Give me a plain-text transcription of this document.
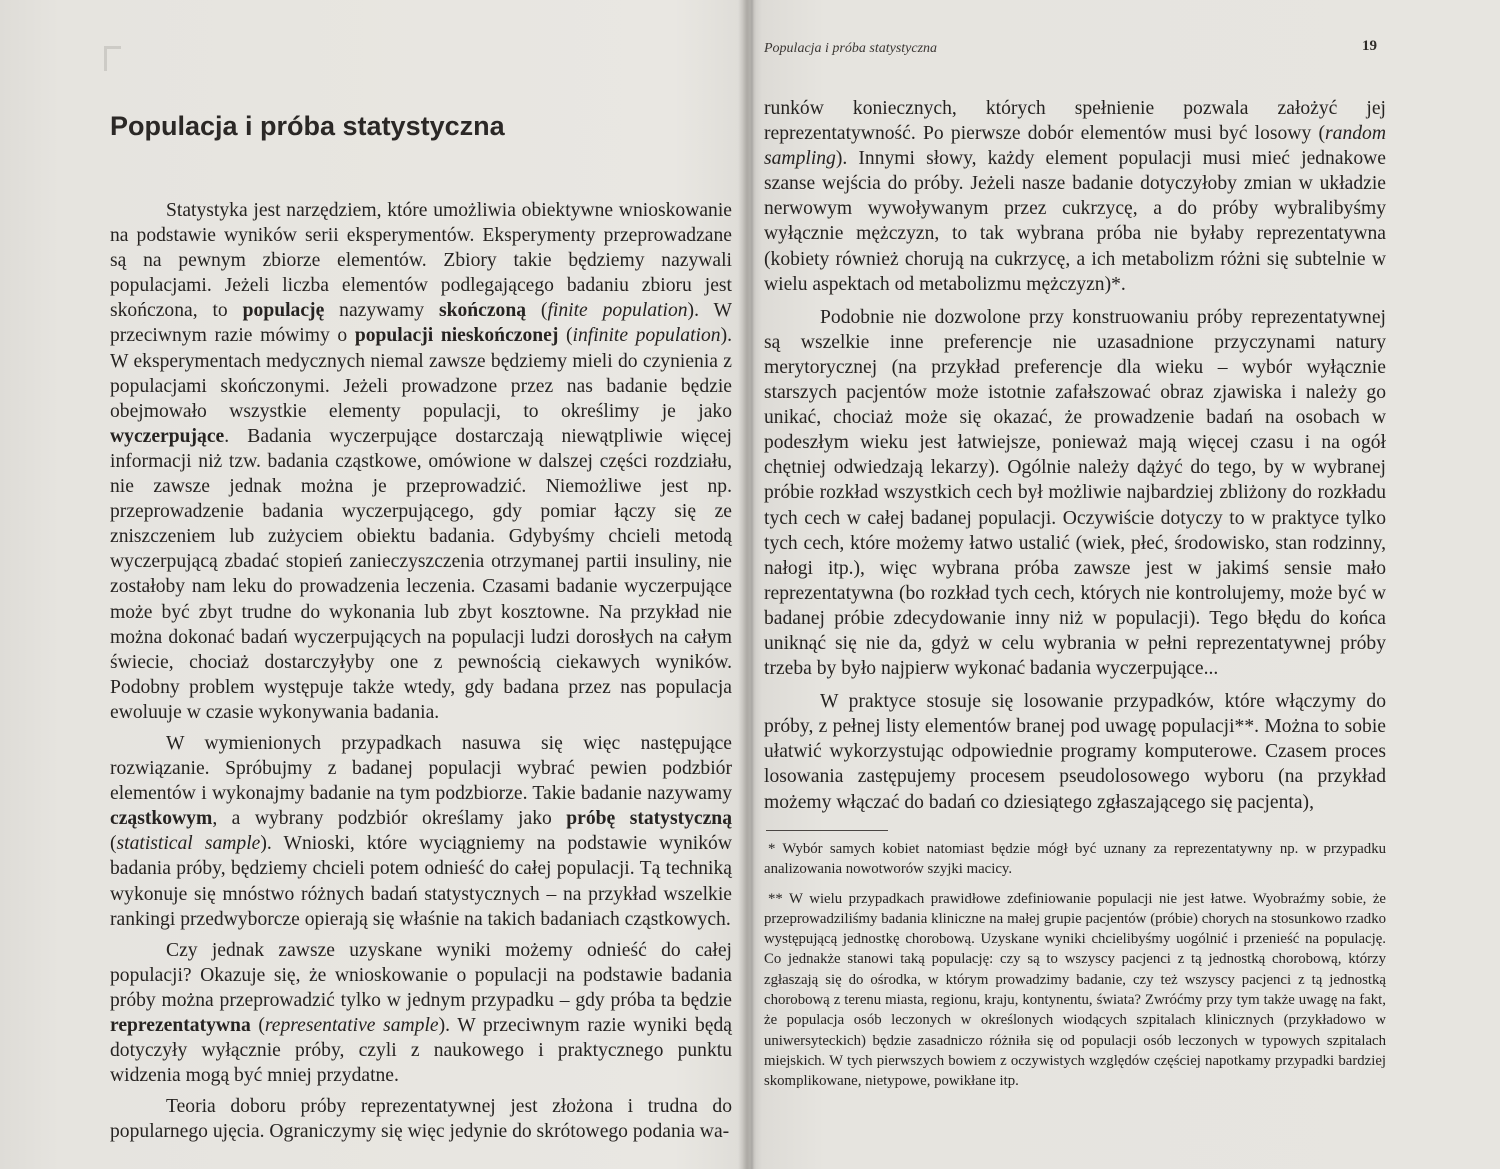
Populacja i próba statystyczna

Statystyka jest narzędziem, które umożliwia obiektywne wnioskowanie na podstawie wyników serii eksperymentów. Eksperymenty przeprowadzane są na pewnym zbiorze elementów. Zbiory takie będziemy nazywali populacjami. Jeżeli liczba elementów podlegającego badaniu zbioru jest skończona, to populację nazywamy skończoną (finite population). W przeciwnym razie mówimy o populacji nieskończonej (infinite population). W eksperymentach medycznych niemal zawsze będziemy mieli do czynienia z populacjami skończonymi. Jeżeli prowadzone przez nas badanie będzie obejmowało wszystkie elementy populacji, to określimy je jako wyczerpujące. Badania wyczerpujące dostarczają niewątpliwie więcej informacji niż tzw. badania cząstkowe, omówione w dalszej części rozdziału, nie zawsze jednak można je przeprowadzić. Niemożliwe jest np. przeprowadzenie badania wyczerpującego, gdy pomiar łączy się ze zniszczeniem lub zużyciem obiektu badania. Gdybyśmy chcieli metodą wyczerpującą zbadać stopień zanieczyszczenia otrzymanej partii insuliny, nie zostałoby nam leku do prowadzenia leczenia. Czasami badanie wyczerpujące może być zbyt trudne do wykonania lub zbyt kosztowne. Na przykład nie można dokonać badań wyczerpujących na populacji ludzi dorosłych na całym świecie, chociaż dostarczyłyby one z pewnością ciekawych wyników. Podobny problem występuje także wtedy, gdy badana przez nas populacja ewoluuje w czasie wykonywania badania.

W wymienionych przypadkach nasuwa się więc następujące rozwiązanie. Spróbujmy z badanej populacji wybrać pewien podzbiór elementów i wykonajmy badanie na tym podzbiorze. Takie badanie nazywamy cząstkowym, a wybrany podzbiór określamy jako próbę statystyczną (statistical sample). Wnioski, które wyciągniemy na podstawie wyników badania próby, będziemy chcieli potem odnieść do całej populacji. Tą techniką wykonuje się mnóstwo różnych badań statystycznych – na przykład wszelkie rankingi przedwyborcze opierają się właśnie na takich badaniach cząstkowych.

Czy jednak zawsze uzyskane wyniki możemy odnieść do całej populacji? Okazuje się, że wnioskowanie o populacji na podstawie badania próby można przeprowadzić tylko w jednym przypadku – gdy próba ta będzie reprezentatywna (representative sample). W przeciwnym razie wyniki będą dotyczyły wyłącznie próby, czyli z naukowego i praktycznego punktu widzenia mogą być mniej przydatne.

Teoria doboru próby reprezentatywnej jest złożona i trudna do popularnego ujęcia. Ograniczymy się więc jedynie do skrótowego podania wa-

Populacja i próba statystyczna	19

runków koniecznych, których spełnienie pozwala założyć jej reprezentatywność. Po pierwsze dobór elementów musi być losowy (random sampling). Innymi słowy, każdy element populacji musi mieć jednakowe szanse wejścia do próby. Jeżeli nasze badanie dotyczyłoby zmian w układzie nerwowym wywoływanym przez cukrzycę, a do próby wybralibyśmy wyłącznie mężczyzn, to tak wybrana próba nie byłaby reprezentatywna (kobiety również chorują na cukrzycę, a ich metabolizm różni się subtelnie w wielu aspektach od metabolizmu mężczyzn)*.

Podobnie nie dozwolone przy konstruowaniu próby reprezentatywnej są wszelkie inne preferencje nie uzasadnione przyczynami natury merytorycznej (na przykład preferencje dla wieku – wybór wyłącznie starszych pacjentów może istotnie zafałszować obraz zjawiska i należy go unikać, chociaż może się okazać, że prowadzenie badań na osobach w podeszłym wieku jest łatwiejsze, ponieważ mają więcej czasu i na ogół chętniej odwiedzają lekarzy). Ogólnie należy dążyć do tego, by w wybranej próbie rozkład wszystkich cech był możliwie najbardziej zbliżony do rozkładu tych cech w całej badanej populacji. Oczywiście dotyczy to w praktyce tylko tych cech, które możemy łatwo ustalić (wiek, płeć, środowisko, stan rodzinny, nałogi itp.), więc wybrana próba zawsze jest w jakimś sensie mało reprezentatywna (bo rozkład tych cech, których nie kontrolujemy, może być w badanej próbie zdecydowanie inny niż w populacji). Tego błędu do końca uniknąć się nie da, gdyż w celu wybrania w pełni reprezentatywnej próby trzeba by było najpierw wykonać badania wyczerpujące...

W praktyce stosuje się losowanie przypadków, które włączymy do próby, z pełnej listy elementów branej pod uwagę populacji**. Można to sobie ułatwić wykorzystując odpowiednie programy komputerowe. Czasem proces losowania zastępujemy procesem pseudolosowego wyboru (na przykład możemy włączać do badań co dziesiątego zgłaszającego się pacjenta),

* Wybór samych kobiet natomiast będzie mógł być uznany za reprezentatywny np. w przypadku analizowania nowotworów szyjki macicy.

** W wielu przypadkach prawidłowe zdefiniowanie populacji nie jest łatwe. Wyobraźmy sobie, że przeprowadziliśmy badania kliniczne na małej grupie pacjentów (próbie) chorych na stosunkowo rzadko występującą jednostkę chorobową. Uzyskane wyniki chcielibyśmy uogólnić i przenieść na populację. Co jednakże stanowi taką populację: czy są to wszyscy pacjenci z tą jednostką chorobową, którzy zgłaszają się do ośrodka, w którym prowadzimy badanie, czy też wszyscy pacjenci z tą jednostką chorobową z terenu miasta, regionu, kraju, kontynentu, świata? Zwróćmy przy tym także uwagę na fakt, że populacja osób leczonych w określonych wiodących szpitalach klinicznych (przykładowo w uniwersyteckich) będzie zasadniczo różniła się od populacji osób leczonych w typowych szpitalach miejskich. W tych pierwszych bowiem z oczywistych względów częściej napotkamy przypadki bardziej skomplikowane, nietypowe, powikłane itp.
